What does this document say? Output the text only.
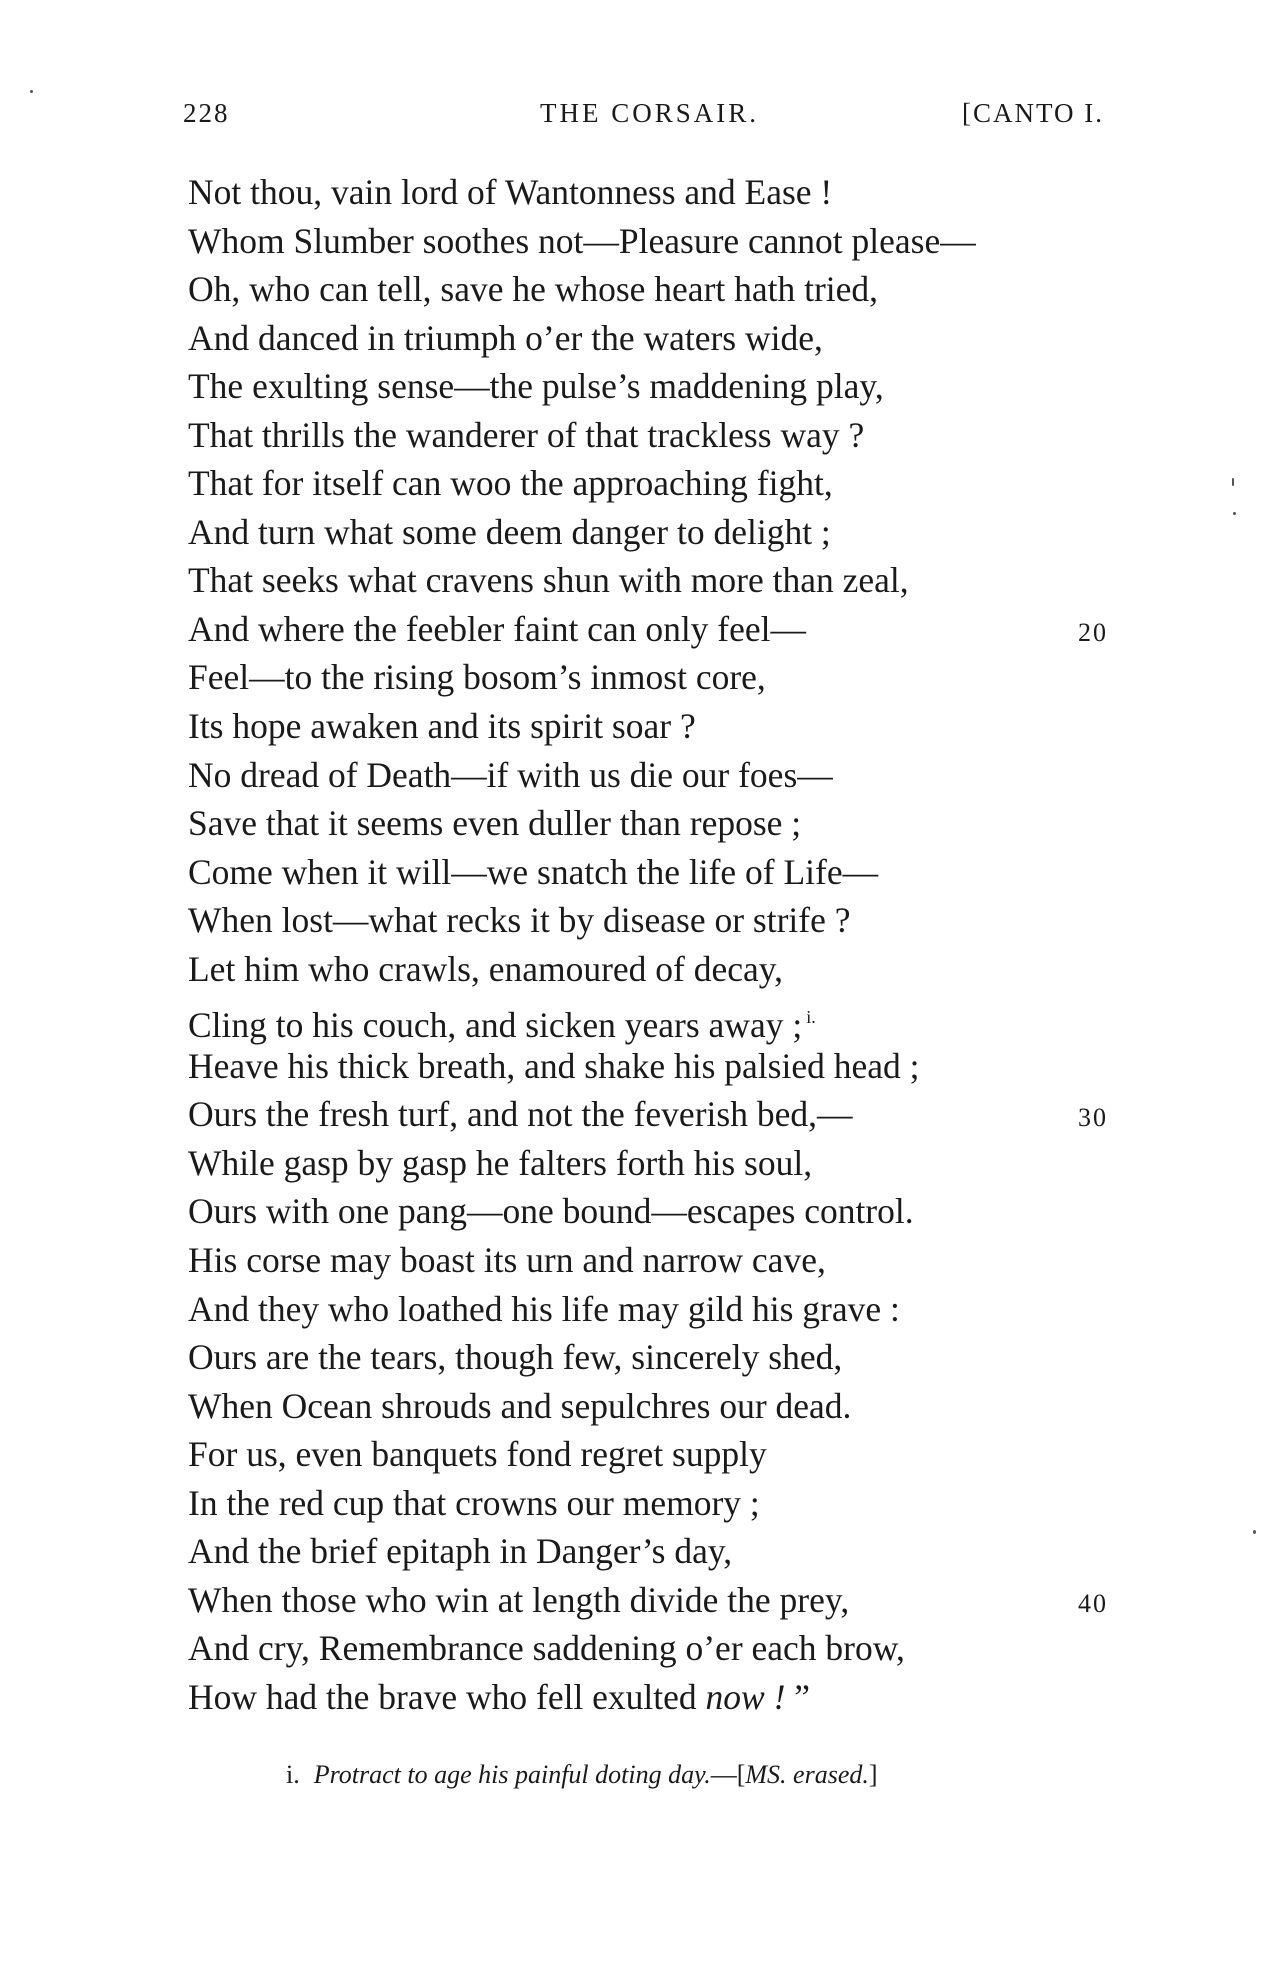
228	THE CORSAIR.	[CANTO I.
Not thou, vain lord of Wantonness and Ease !
Whom Slumber soothes not—Pleasure cannot please—
Oh, who can tell, save he whose heart hath tried,
And danced in triumph o’er the waters wide,
The exulting sense—the pulse’s maddening play,
That thrills the wanderer of that trackless way ?
That for itself can woo the approaching fight,
And turn what some deem danger to delight ;
That seeks what cravens shun with more than zeal,
And where the feebler faint can only feel—	20
Feel—to the rising bosom’s inmost core,
Its hope awaken and its spirit soar ?
No dread of Death—if with us die our foes—
Save that it seems even duller than repose ;
Come when it will—we snatch the life of Life—
When lost—what recks it by disease or strife ?
Let him who crawls, enamoured of decay,
Cling to his couch, and sicken years away ; $^{i.}$
Heave his thick breath, and shake his palsied head ;
Ours the fresh turf, and not the feverish bed,—	30
While gasp by gasp he falters forth his soul,
Ours with one pang—one bound—escapes control.
His corse may boast its urn and narrow cave,
And they who loathed his life may gild his grave :
Ours are the tears, though few, sincerely shed,
When Ocean shrouds and sepulchres our dead.
For us, even banquets fond regret supply
In the red cup that crowns our memory ;
And the brief epitaph in Danger’s day,
When those who win at length divide the prey,	40
And cry, Remembrance saddening o’er each brow,
How had the brave who fell exulted now ! ”
i. Protract to age his painful doting day.—[MS. erased.]
